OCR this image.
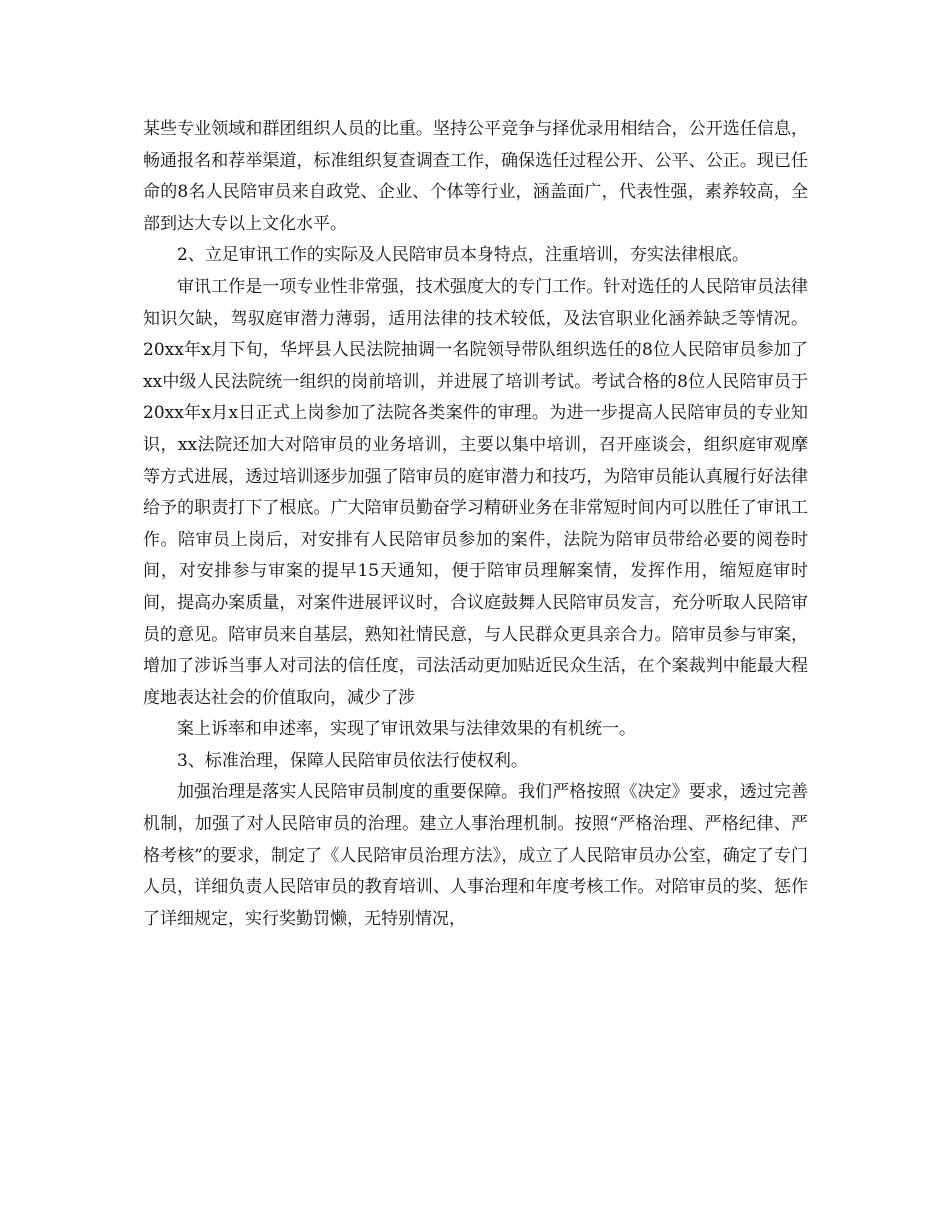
某些专业领域和群团组织人员的比重。坚持公平竞争与择优录用相结合，公开选任信息，畅通报名和荐举渠道，标准组织复查调查工作，确保选任过程公开、公平、公正。现已任命的8名人民陪审员来自政党、企业、个体等行业，涵盖面广，代表性强，素养较高，全部到达大专以上文化水平。

2、立足审讯工作的实际及人民陪审员本身特点，注重培训，夯实法律根底。

审讯工作是一项专业性非常强，技术强度大的专门工作。针对选任的人民陪审员法律知识欠缺，驾驭庭审潜力薄弱，适用法律的技术较低，及法官职业化涵养缺乏等情况。20xx年x月下旬，华坪县人民法院抽调一名院领导带队组织选任的8位人民陪审员参加了xx中级人民法院统一组织的岗前培训，并进展了培训考试。考试合格的8位人民陪审员于20xx年x月x日正式上岗参加了法院各类案件的审理。为进一步提高人民陪审员的专业知识，xx法院还加大对陪审员的业务培训，主要以集中培训，召开座谈会，组织庭审观摩等方式进展，透过培训逐步加强了陪审员的庭审潜力和技巧，为陪审员能认真履行好法律给予的职责打下了根底。广大陪审员勤奋学习精研业务在非常短时间内可以胜任了审讯工作。陪审员上岗后，对安排有人民陪审员参加的案件，法院为陪审员带给必要的阅卷时间，对安排参与审案的提早15天通知，便于陪审员理解案情，发挥作用，缩短庭审时间，提高办案质量，对案件进展评议时，合议庭鼓舞人民陪审员发言，充分听取人民陪审员的意见。陪审员来自基层，熟知社情民意，与人民群众更具亲合力。陪审员参与审案，增加了涉诉当事人对司法的信任度，司法活动更加贴近民众生活，在个案裁判中能最大程度地表达社会的价值取向，减少了涉

案上诉率和申述率，实现了审讯效果与法律效果的有机统一。

3、标准治理，保障人民陪审员依法行使权利。

加强治理是落实人民陪审员制度的重要保障。我们严格按照《决定》要求，透过完善机制，加强了对人民陪审员的治理。建立人事治理机制。按照“严格治理、严格纪律、严格考核”的要求，制定了《人民陪审员治理方法》，成立了人民陪审员办公室，确定了专门人员，详细负责人民陪审员的教育培训、人事治理和年度考核工作。对陪审员的奖、惩作了详细规定，实行奖勤罚懒，无特别情况，
